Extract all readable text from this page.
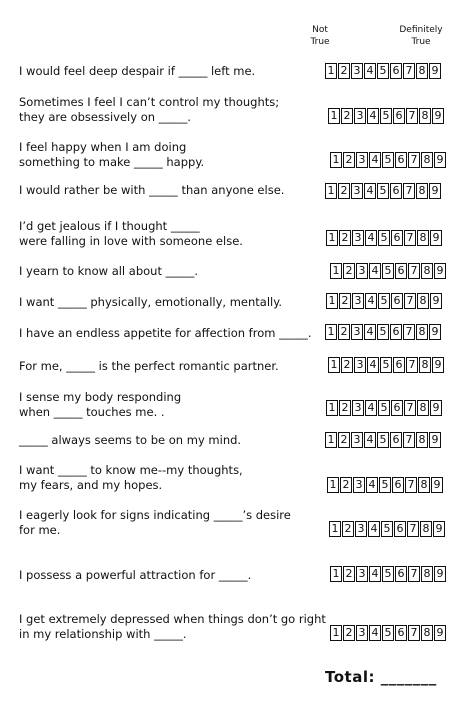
Not
True
Definitely
True
I would feel deep despair if _____ left me.	1 2 3 4 5 6 7 8 9
Sometimes I feel I can’t control my thoughts;
they are obsessively on _____.	1 2 3 4 5 6 7 8 9
I feel happy when I am doing
something to make _____ happy.	1 2 3 4 5 6 7 8 9
I would rather be with _____ than anyone else.	1 2 3 4 5 6 7 8 9
I’d get jealous if I thought _____
were falling in love with someone else.	1 2 3 4 5 6 7 8 9
I yearn to know all about _____.	1 2 3 4 5 6 7 8 9
I want _____ physically, emotionally, mentally.	1 2 3 4 5 6 7 8 9
I have an endless appetite for affection from _____. 1 2 3 4 5 6 7 8 9
For me, _____ is the perfect romantic partner.	1 2 3 4 5 6 7 8 9
I sense my body responding
when _____ touches me. .	1 2 3 4 5 6 7 8 9
_____ always seems to be on my mind.	1 2 3 4 5 6 7 8 9
I want _____ to know me--my thoughts,
my fears, and my hopes.	1 2 3 4 5 6 7 8 9
I eagerly look for signs indicating _____’s desire
for me.	1 2 3 4 5 6 7 8 9
I possess a powerful attraction for _____.	1 2 3 4 5 6 7 8 9
I get extremely depressed when things don’t go right
in my relationship with _____.	1 2 3 4 5 6 7 8 9
Total: _______
